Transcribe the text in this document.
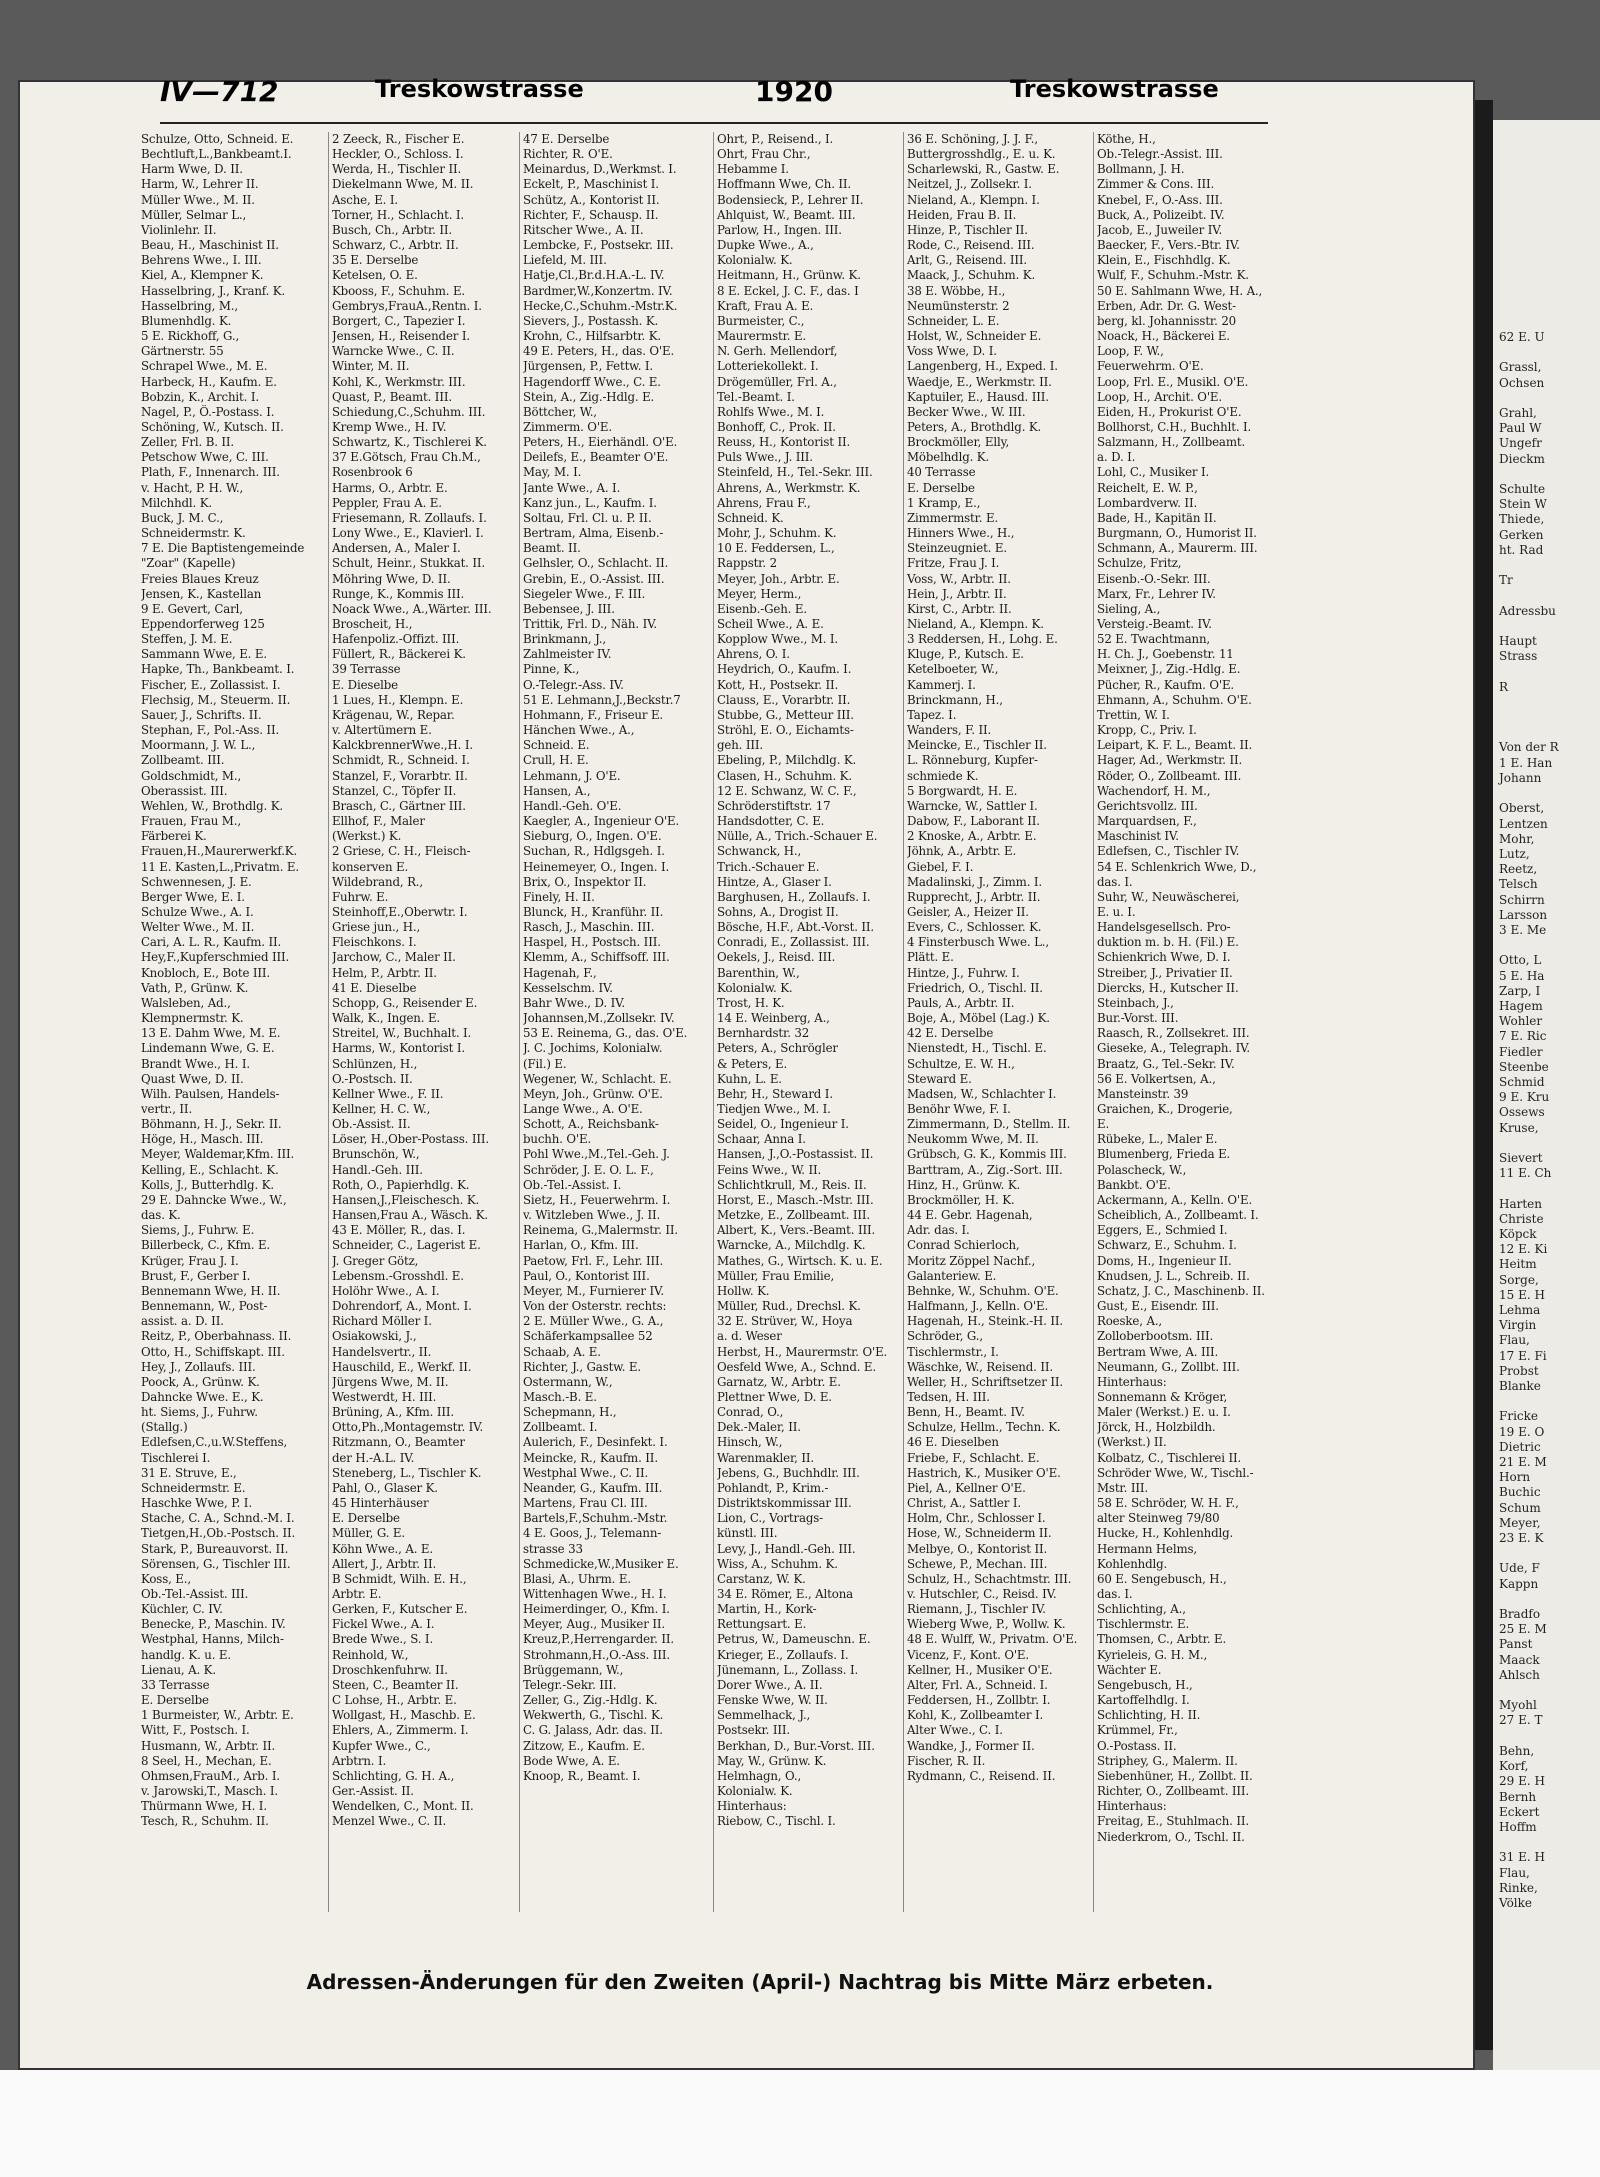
62 E. U

Grassl,
Ochsen

Grahl,
Paul W
Ungefr
Dieckm

Schulte
Stein W
Thiede,
Gerken
ht. Rad

Tr

Adressbu

Haupt
Strass

R

Von der R
1 E. Han
Johann

Oberst,
Lentzen
Mohr,
Lutz,
Reetz,
Telsch
Schirrn
Larsson
3 E. Me

Otto, L
5 E. Ha
Zarp, I
Hagem
Wohler
7 E. Ric
Fiedler
Steenbe
Schmid
9 E. Kru
Ossews
Kruse,

Sievert
11 E. Ch

Harten
Christe
Köpck
12 E. Ki
Heitm
Sorge,
15 E. H
Lehma
Virgin
Flau,
17 E. Fi
Probst
Blanke

Fricke
19 E. O
Dietric
21 E. M
Horn
Buchic
Schum
Meyer,
23 E. K

Ude, F
Kappn

Bradfo
25 E. M
Panst
Maack
Ahlsch

Myohl
27 E. T

Behn,
Korf,
29 E. H
Bernh
Eckert
Hoffm

31 E. H
Flau,
Rinke,
Völke
IV—712	Treskowstrasse	1920	Treskowstrasse
Schulze, Otto, Schneid. E.
Bechtluft,L.,Bankbeamt.I.
Harm Wwe, D. II.
Harm, W., Lehrer II.
Müller Wwe., M. II.
Müller, Selmar L.,
Violinlehr. II.
Beau, H., Maschinist II.
Behrens Wwe., I. III.
Kiel, A., Klempner K.
Hasselbring, J., Kranf. K.
Hasselbring, M.,
Blumenhdlg. K.
5 E. Rickhoff, G.,
Gärtnerstr. 55
Schrapel Wwe., M. E.
Harbeck, H., Kaufm. E.
Bobzin, K., Archit. I.
Nagel, P., Ö.-Postass. I.
Schöning, W., Kutsch. II.
Zeller, Frl. B. II.
Petschow Wwe, C. III.
Plath, F., Innenarch. III.
v. Hacht, P. H. W.,
Milchhdl. K.
Buck, J. M. C.,
Schneidermstr. K.
7 E. Die Baptistengemeinde
"Zoar" (Kapelle)
Freies Blaues Kreuz
Jensen, K., Kastellan
9 E. Gevert, Carl,
Eppendorferweg 125
Steffen, J. M. E.
Sammann Wwe, E. E.
Hapke, Th., Bankbeamt. I.
Fischer, E., Zollassist. I.
Flechsig, M., Steuerm. II.
Sauer, J., Schrifts. II.
Stephan, F., Pol.-Ass. II.
Moormann, J. W. L.,
Zollbeamt. III.
Goldschmidt, M.,
Oberassist. III.
Wehlen, W., Brothdlg. K.
Frauen, Frau M.,
Färberei K.
Frauen,H.,Maurerwerkf.K.
11 E. Kasten,L.,Privatm. E.
Schwennesen, J. E.
Berger Wwe, E. I.
Schulze Wwe., A. I.
Welter Wwe., M. II.
Cari, A. L. R., Kaufm. II.
Hey,F.,Kupferschmied III.
Knobloch, E., Bote III.
Vath, P., Grünw. K.
Walsleben, Ad.,
Klempnermstr. K.
13 E. Dahm Wwe, M. E.
Lindemann Wwe, G. E.
Brandt Wwe., H. I.
Quast Wwe, D. II.
Wilh. Paulsen, Handels-
vertr., II.
Böhmann, H. J., Sekr. II.
Höge, H., Masch. III.
Meyer, Waldemar,Kfm. III.
Kelling, E., Schlacht. K.
Kolls, J., Butterhdlg. K.
29 E. Dahncke Wwe., W.,
das. K.
Siems, J., Fuhrw. E.
Billerbeck, C., Kfm. E.
Krüger, Frau J. I.
Brust, F., Gerber I.
Bennemann Wwe, H. II.
Bennemann, W., Post-
assist. a. D. II.
Reitz, P., Oberbahnass. II.
Otto, H., Schiffskapt. III.
Hey, J., Zollaufs. III.
Poock, A., Grünw. K.
Dahncke Wwe. E., K.
ht. Siems, J., Fuhrw.
(Stallg.)
Edlefsen,C.,u.W.Steffens,
Tischlerei I.
31 E. Struve, E.,
Schneidermstr. E.
Haschke Wwe, P. I.
Stache, C. A., Schnd.-M. I.
Tietgen,H.,Ob.-Postsch. II.
Stark, P., Bureauvorst. II.
Sörensen, G., Tischler III.
Koss, E.,
Ob.-Tel.-Assist. III.
Küchler, C. IV.
Benecke, P., Maschin. IV.
Westphal, Hanns, Milch-
handlg. K. u. E.
Lienau, A. K.
33 Terrasse
E. Derselbe
1 Burmeister, W., Arbtr. E.
Witt, F., Postsch. I.
Husmann, W., Arbtr. II.
8 Seel, H., Mechan, E.
Ohmsen,FrauM., Arb. I.
v. Jarowski,T., Masch. I.
Thürmann Wwe, H. I.
Tesch, R., Schuhm. II.
2 Zeeck, R., Fischer E.
Heckler, O., Schloss. I.
Werda, H., Tischler II.
Diekelmann Wwe, M. II.
Asche, E. I.
Torner, H., Schlacht. I.
Busch, Ch., Arbtr. II.
Schwarz, C., Arbtr. II.
35 E. Derselbe
Ketelsen, O. E.
Kbooss, F., Schuhm. E.
Gembrys,FrauA.,Rentn. I.
Borgert, C., Tapezier I.
Jensen, H., Reisender I.
Warncke Wwe., C. II.
Winter, M. II.
Kohl, K., Werkmstr. III.
Quast, P., Beamt. III.
Schiedung,C.,Schuhm. III.
Kremp Wwe., H. IV.
Schwartz, K., Tischlerei K.
37 E.Götsch, Frau Ch.M.,
Rosenbrook 6
Harms, O., Arbtr. E.
Peppler, Frau A. E.
Friesemann, R. Zollaufs. I.
Lony Wwe., E., Klavierl. I.
Andersen, A., Maler I.
Schult, Heinr., Stukkat. II.
Möhring Wwe, D. II.
Runge, K., Kommis III.
Noack Wwe., A.,Wärter. III.
Broscheit, H.,
Hafenpoliz.-Offizt. III.
Füllert, R., Bäckerei K.
39 Terrasse
E. Dieselbe
1 Lues, H., Klempn. E.
Krägenau, W., Repar.
v. Altertümern E.
KalckbrennerWwe.,H. I.
Schmidt, R., Schneid. I.
Stanzel, F., Vorarbtr. II.
Stanzel, C., Töpfer II.
Brasch, C., Gärtner III.
Ellhof, F., Maler
(Werkst.) K.
2 Griese, C. H., Fleisch-
konserven E.
Wildebrand, R.,
Fuhrw. E.
Steinhoff,E.,Oberwtr. I.
Griese jun., H.,
Fleischkons. I.
Jarchow, C., Maler II.
Helm, P., Arbtr. II.
41 E. Dieselbe
Schopp, G., Reisender E.
Walk, K., Ingen. E.
Streitel, W., Buchhalt. I.
Harms, W., Kontorist I.
Schlünzen, H.,
O.-Postsch. II.
Kellner Wwe., F. II.
Kellner, H. C. W.,
Ob.-Assist. II.
Löser, H.,Ober-Postass. III.
Brunschön, W.,
Handl.-Geh. III.
Roth, O., Papierhdlg. K.
Hansen,J.,Fleischesch. K.
Hansen,Frau A., Wäsch. K.
43 E. Möller, R., das. I.
Schneider, C., Lagerist E.
J. Greger Götz,
Lebensm.-Grosshdl. E.
Holöhr Wwe., A. I.
Dohrendorf, A., Mont. I.
Richard Möller I.
Osiakowski, J.,
Handelsvertr., II.
Hauschild, E., Werkf. II.
Jürgens Wwe, M. II.
Westwerdt, H. III.
Brüning, A., Kfm. III.
Otto,Ph.,Montagemstr. IV.
Ritzmann, O., Beamter
der H.-A.L. IV.
Steneberg, L., Tischler K.
Pahl, O., Glaser K.
45 Hinterhäuser
E. Derselbe
Müller, G. E.
Köhn Wwe., A. E.
Allert, J., Arbtr. II.
B Schmidt, Wilh. E. H.,
Arbtr. E.
Gerken, F., Kutscher E.
Fickel Wwe., A. I.
Brede Wwe., S. I.
Reinhold, W.,
Droschkenfuhrw. II.
Steen, C., Beamter II.
C Lohse, H., Arbtr. E.
Wollgast, H., Maschb. E.
Ehlers, A., Zimmerm. I.
Kupfer Wwe., C.,
Arbtrn. I.
Schlichting, G. H. A.,
Ger.-Assist. II.
Wendelken, C., Mont. II.
Menzel Wwe., C. II.
47 E. Derselbe
Richter, R. O'E.
Meinardus, D.,Werkmst. I.
Eckelt, P., Maschinist I.
Schütz, A., Kontorist II.
Richter, F., Schausp. II.
Ritscher Wwe., A. II.
Lembcke, F., Postsekr. III.
Liefeld, M. III.
Hatje,Cl.,Br.d.H.A.-L. IV.
Bardmer,W.,Konzertm. IV.
Hecke,C.,Schuhm.-Mstr.K.
Sievers, J., Postassh. K.
Krohn, C., Hilfsarbtr. K.
49 E. Peters, H., das. O'E.
Jürgensen, P., Fettw. I.
Hagendorff Wwe., C. E.
Stein, A., Zig.-Hdlg. E.
Böttcher, W.,
Zimmerm. O'E.
Peters, H., Eierhändl. O'E.
Deilefs, E., Beamter O'E.
May, M. I.
Jante Wwe., A. I.
Kanz jun., L., Kaufm. I.
Soltau, Frl. Cl. u. P. II.
Bertram, Alma, Eisenb.-
Beamt. II.
Gelhsler, O., Schlacht. II.
Grebin, E., O.-Assist. III.
Siegeler Wwe., F. III.
Bebensee, J. III.
Trittik, Frl. D., Näh. IV.
Brinkmann, J.,
Zahlmeister IV.
Pinne, K.,
O.-Telegr.-Ass. IV.
51 E. Lehmann,J.,Beckstr.7
Hohmann, F., Friseur E.
Hänchen Wwe., A.,
Schneid. E.
Crull, H. E.
Lehmann, J. O'E.
Hansen, A.,
Handl.-Geh. O'E.
Kaegler, A., Ingenieur O'E.
Sieburg, O., Ingen. O'E.
Suchan, R., Hdlgsgeh. I.
Heinemeyer, O., Ingen. I.
Brix, O., Inspektor II.
Finely, H. II.
Blunck, H., Kranführ. II.
Rasch, J., Maschin. III.
Haspel, H., Postsch. III.
Klemm, A., Schiffsoff. III.
Hagenah, F.,
Kesselschm. IV.
Bahr Wwe., D. IV.
Johannsen,M.,Zollsekr. IV.
53 E. Reinema, G., das. O'E.
J. C. Jochims, Kolonialw.
(Fil.) E.
Wegener, W., Schlacht. E.
Meyn, Joh., Grünw. O'E.
Lange Wwe., A. O'E.
Schott, A., Reichsbank-
buchh. O'E.
Pohl Wwe.,M.,Tel.-Geh. J.
Schröder, J. E. O. L. F.,
Ob.-Tel.-Assist. I.
Sietz, H., Feuerwehrm. I.
v. Witzleben Wwe., J. II.
Reinema, G.,Malermstr. II.
Harlan, O., Kfm. III.
Paetow, Frl. F., Lehr. III.
Paul, O., Kontorist III.
Meyer, M., Furnierer IV.
Von der Osterstr. rechts:
2 E. Müller Wwe., G. A.,
Schäferkampsallee 52
Schaab, A. E.
Richter, J., Gastw. E.
Ostermann, W.,
Masch.-B. E.
Schepmann, H.,
Zollbeamt. I.
Aulerich, F., Desinfekt. I.
Meincke, R., Kaufm. II.
Westphal Wwe., C. II.
Neander, G., Kaufm. III.
Martens, Frau Cl. III.
Bartels,F.,Schuhm.-Mstr.
4 E. Goos, J., Telemann-
strasse 33
Schmedicke,W.,Musiker E.
Blasi, A., Uhrm. E.
Wittenhagen Wwe., H. I.
Heimerdinger, O., Kfm. I.
Meyer, Aug., Musiker II.
Kreuz,P.,Herrengarder. II.
Strohmann,H.,O.-Ass. III.
Brüggemann, W.,
Telegr.-Sekr. III.
Zeller, G., Zig.-Hdlg. K.
Wekwerth, G., Tischl. K.
C. G. Jalass, Adr. das. II.
Zitzow, E., Kaufm. E.
Bode Wwe, A. E.
Knoop, R., Beamt. I.
Ohrt, P., Reisend., I.
Ohrt, Frau Chr.,
Hebamme I.
Hoffmann Wwe, Ch. II.
Bodensieck, P., Lehrer II.
Ahlquist, W., Beamt. III.
Parlow, H., Ingen. III.
Dupke Wwe., A.,
Kolonialw. K.
Heitmann, H., Grünw. K.
8 E. Eckel, J. C. F., das. I
Kraft, Frau A. E.
Burmeister, C.,
Maurermstr. E.
N. Gerh. Mellendorf,
Lotteriekollekt. I.
Drögemüller, Frl. A.,
Tel.-Beamt. I.
Rohlfs Wwe., M. I.
Bonhoff, C., Prok. II.
Reuss, H., Kontorist II.
Puls Wwe., J. III.
Steinfeld, H., Tel.-Sekr. III.
Ahrens, A., Werkmstr. K.
Ahrens, Frau F.,
Schneid. K.
Mohr, J., Schuhm. K.
10 E. Feddersen, L.,
Rappstr. 2
Meyer, Joh., Arbtr. E.
Meyer, Herm.,
Eisenb.-Geh. E.
Scheil Wwe., A. E.
Kopplow Wwe., M. I.
Ahrens, O. I.
Heydrich, O., Kaufm. I.
Kott, H., Postsekr. II.
Clauss, E., Vorarbtr. II.
Stubbe, G., Metteur III.
Ströhl, E. O., Eichamts-
geh. III.
Ebeling, P., Milchdlg. K.
Clasen, H., Schuhm. K.
12 E. Schwanz, W. C. F.,
Schröderstiftstr. 17
Handsdotter, C. E.
Nülle, A., Trich.-Schauer E.
Schwanck, H.,
Trich.-Schauer E.
Hintze, A., Glaser I.
Barghusen, H., Zollaufs. I.
Sohns, A., Drogist II.
Bösche, H.F., Abt.-Vorst. II.
Conradi, E., Zollassist. III.
Oekels, J., Reisd. III.
Barenthin, W.,
Kolonialw. K.
Trost, H. K.
14 E. Weinberg, A.,
Bernhardstr. 32
Peters, A., Schrögler
& Peters, E.
Kuhn, L. E.
Behr, H., Steward I.
Tiedjen Wwe., M. I.
Seidel, O., Ingenieur I.
Schaar, Anna I.
Hansen, J.,O.-Postassist. II.
Feins Wwe., W. II.
Schlichtkrull, M., Reis. II.
Horst, E., Masch.-Mstr. III.
Metzke, E., Zollbeamt. III.
Albert, K., Vers.-Beamt. III.
Warncke, A., Milchdlg. K.
Mathes, G., Wirtsch. K. u. E.
Müller, Frau Emilie,
Hollw. K.
Müller, Rud., Drechsl. K.
32 E. Strüver, W., Hoya
a. d. Weser
Herbst, H., Maurermstr. O'E.
Oesfeld Wwe, A., Schnd. E.
Garnatz, W., Arbtr. E.
Plettner Wwe, D. E.
Conrad, O.,
Dek.-Maler, II.
Hinsch, W.,
Warenmakler, II.
Jebens, G., Buchhdlr. III.
Pohlandt, P., Krim.-
Distriktskommissar III.
Lion, C., Vortrags-
künstl. III.
Levy, J., Handl.-Geh. III.
Wiss, A., Schuhm. K.
Carstanz, W. K.
34 E. Römer, E., Altona
Martin, H., Kork-
Rettungsart. E.
Petrus, W., Dameuschn. E.
Krieger, E., Zollaufs. I.
Jünemann, L., Zollass. I.
Dorer Wwe., A. II.
Fenske Wwe, W. II.
Semmelhack, J.,
Postsekr. III.
Berkhan, D., Bur.-Vorst. III.
May, W., Grünw. K.
Helmhagn, O.,
Kolonialw. K.
Hinterhaus:
Riebow, C., Tischl. I.
36 E. Schöning, J. J. F.,
Buttergrosshdlg., E. u. K.
Scharlewski, R., Gastw. E.
Neitzel, J., Zollsekr. I.
Nieland, A., Klempn. I.
Heiden, Frau B. II.
Hinze, P., Tischler II.
Rode, C., Reisend. III.
Arlt, G., Reisend. III.
Maack, J., Schuhm. K.
38 E. Wöbbe, H.,
Neumünsterstr. 2
Schneider, L. E.
Holst, W., Schneider E.
Voss Wwe, D. I.
Langenberg, H., Exped. I.
Waedje, E., Werkmstr. II.
Kaptuiler, E., Hausd. III.
Becker Wwe., W. III.
Peters, A., Brothdlg. K.
Brockmöller, Elly,
Möbelhdlg. K.
40 Terrasse
E. Derselbe
1 Kramp, E.,
Zimmermstr. E.
Hinners Wwe., H.,
Steinzeugniet. E.
Fritze, Frau J. I.
Voss, W., Arbtr. II.
Hein, J., Arbtr. II.
Kirst, C., Arbtr. II.
Nieland, A., Klempn. K.
3 Reddersen, H., Lohg. E.
Kluge, P., Kutsch. E.
Ketelboeter, W.,
Kammerj. I.
Brinckmann, H.,
Tapez. I.
Wanders, F. II.
Meincke, E., Tischler II.
L. Rönneburg, Kupfer-
schmiede K.
5 Borgwardt, H. E.
Warncke, W., Sattler I.
Dabow, F., Laborant II.
2 Knoske, A., Arbtr. E.
Jöhnk, A., Arbtr. E.
Giebel, F. I.
Madalinski, J., Zimm. I.
Rupprecht, J., Arbtr. II.
Geisler, A., Heizer II.
Evers, C., Schlosser. K.
4 Finsterbusch Wwe. L.,
Plätt. E.
Hintze, J., Fuhrw. I.
Friedrich, O., Tischl. II.
Pauls, A., Arbtr. II.
Boje, A., Möbel (Lag.) K.
42 E. Derselbe
Nienstedt, H., Tischl. E.
Schultze, E. W. H.,
Steward E.
Madsen, W., Schlachter I.
Benöhr Wwe, F. I.
Zimmermann, D., Stellm. II.
Neukomm Wwe, M. II.
Grübsch, G. K., Kommis III.
Barttram, A., Zig.-Sort. III.
Hinz, H., Grünw. K.
Brockmöller, H. K.
44 E. Gebr. Hagenah,
Adr. das. I.
Conrad Schierloch,
Moritz Zöppel Nachf.,
Galanteriew. E.
Behnke, W., Schuhm. O'E.
Halfmann, J., Kelln. O'E.
Hagenah, H., Steink.-H. II.
Schröder, G.,
Tischlermstr., I.
Wäschke, W., Reisend. II.
Weller, H., Schriftsetzer II.
Tedsen, H. III.
Benn, H., Beamt. IV.
Schulze, Hellm., Techn. K.
46 E. Dieselben
Friebe, F., Schlacht. E.
Hastrich, K., Musiker O'E.
Piel, A., Kellner O'E.
Christ, A., Sattler I.
Holm, Chr., Schlosser I.
Hose, W., Schneiderm II.
Melbye, O., Kontorist II.
Schewe, P., Mechan. III.
Schulz, H., Schachtmstr. III.
v. Hutschler, C., Reisd. IV.
Riemann, J., Tischler IV.
Wieberg Wwe, P., Wollw. K.
48 E. Wulff, W., Privatm. O'E.
Vicenz, F., Kont. O'E.
Kellner, H., Musiker O'E.
Alter, Frl. A., Schneid. I.
Feddersen, H., Zollbtr. I.
Kohl, K., Zollbeamter I.
Alter Wwe., C. I.
Wandke, J., Former II.
Fischer, R. II.
Rydmann, C., Reisend. II.
Köthe, H.,
Ob.-Telegr.-Assist. III.
Bollmann, J. H.
Zimmer & Cons. III.
Knebel, F., O.-Ass. III.
Buck, A., Polizeibt. IV.
Jacob, E., Juweiler IV.
Baecker, F., Vers.-Btr. IV.
Klein, E., Fischhdlg. K.
Wulf, F., Schuhm.-Mstr. K.
50 E. Sahlmann Wwe, H. A.,
Erben, Adr. Dr. G. West-
berg, kl. Johannisstr. 20
Noack, H., Bäckerei E.
Loop, F. W.,
Feuerwehrm. O'E.
Loop, Frl. E., Musikl. O'E.
Loop, H., Archit. O'E.
Eiden, H., Prokurist O'E.
Bollhorst, C.H., Buchhlt. I.
Salzmann, H., Zollbeamt.
a. D. I.
Lohl, C., Musiker I.
Reichelt, E. W. P.,
Lombardverw. II.
Bade, H., Kapitän II.
Burgmann, O., Humorist II.
Schmann, A., Maurerm. III.
Schulze, Fritz,
Eisenb.-O.-Sekr. III.
Marx, Fr., Lehrer IV.
Sieling, A.,
Versteig.-Beamt. IV.
52 E. Twachtmann,
H. Ch. J., Goebenstr. 11
Meixner, J., Zig.-Hdlg. E.
Pücher, R., Kaufm. O'E.
Ehmann, A., Schuhm. O'E.
Trettin, W. I.
Kropp, C., Priv. I.
Leipart, K. F. L., Beamt. II.
Hager, Ad., Werkmstr. II.
Röder, O., Zollbeamt. III.
Wachendorf, H. M.,
Gerichtsvollz. III.
Marquardsen, F.,
Maschinist IV.
Edlefsen, C., Tischler IV.
54 E. Schlenkrich Wwe, D.,
das. I.
Suhr, W., Neuwäscherei,
E. u. I.
Handelsgesellsch. Pro-
duktion m. b. H. (Fil.) E.
Schienkrich Wwe, D. I.
Streiber, J., Privatier II.
Diercks, H., Kutscher II.
Steinbach, J.,
Bur.-Vorst. III.
Raasch, R., Zollsekret. III.
Gieseke, A., Telegraph. IV.
Braatz, G., Tel.-Sekr. IV.
56 E. Volkertsen, A.,
Mansteinstr. 39
Graichen, K., Drogerie,
E.
Rübeke, L., Maler E.
Blumenberg, Frieda E.
Polascheck, W.,
Bankbt. O'E.
Ackermann, A., Kelln. O'E.
Scheiblich, A., Zollbeamt. I.
Eggers, E., Schmied I.
Schwarz, E., Schuhm. I.
Doms, H., Ingenieur II.
Knudsen, J. L., Schreib. II.
Schatz, J. C., Maschinenb. II.
Gust, E., Eisendr. III.
Roeske, A.,
Zolloberbootsm. III.
Bertram Wwe, A. III.
Neumann, G., Zollbt. III.
Hinterhaus:
Sonnemann & Kröger,
Maler (Werkst.) E. u. I.
Jörck, H., Holzbildh.
(Werkst.) II.
Kolbatz, C., Tischlerei II.
Schröder Wwe, W., Tischl.-
Mstr. III.
58 E. Schröder, W. H. F.,
alter Steinweg 79/80
Hucke, H., Kohlenhdlg.
Hermann Helms,
Kohlenhdlg.
60 E. Sengebusch, H.,
das. I.
Schlichting, A.,
Tischlermstr. E.
Thomsen, C., Arbtr. E.
Kyrieleis, G. H. M.,
Wächter E.
Sengebusch, H.,
Kartoffelhdlg. I.
Schlichting, H. II.
Krümmel, Fr.,
O.-Postass. II.
Striphey, G., Malerm. II.
Siebenhüner, H., Zollbt. II.
Richter, O., Zollbeamt. III.
Hinterhaus:
Freitag, E., Stuhlmach. II.
Niederkrom, O., Tschl. II.
Adressen-Änderungen für den Zweiten (April-) Nachtrag bis Mitte März erbeten.
